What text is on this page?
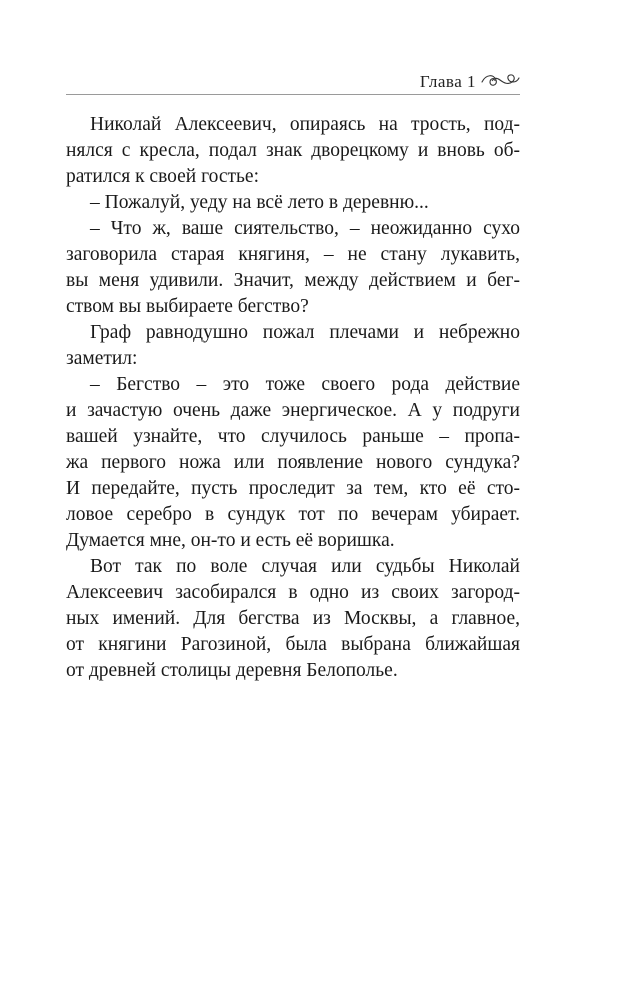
Глава 1
Николай Алексеевич, опираясь на трость, под-
нялся с кресла, подал знак дворецкому и вновь об-
ратился к своей гостье:
– Пожалуй, уеду на всё лето в деревню...
– Что ж, ваше сиятельство, – неожиданно сухо
заговорила старая княгиня, – не стану лукавить,
вы меня удивили. Значит, между действием и бег-
ством вы выбираете бегство?
Граф равнодушно пожал плечами и небрежно
заметил:
– Бегство – это тоже своего рода действие
и зачастую очень даже энергическое. А у подруги
вашей узнайте, что случилось раньше – пропа-
жа первого ножа или появление нового сундука?
И передайте, пусть проследит за тем, кто её сто-
ловое серебро в сундук тот по вечерам убирает.
Думается мне, он-то и есть её воришка.
Вот так по воле случая или судьбы Николай
Алексеевич засобирался в одно из своих загород-
ных имений. Для бегства из Москвы, а главное,
от княгини Рагозиной, была выбрана ближайшая
от древней столицы деревня Белополье.
